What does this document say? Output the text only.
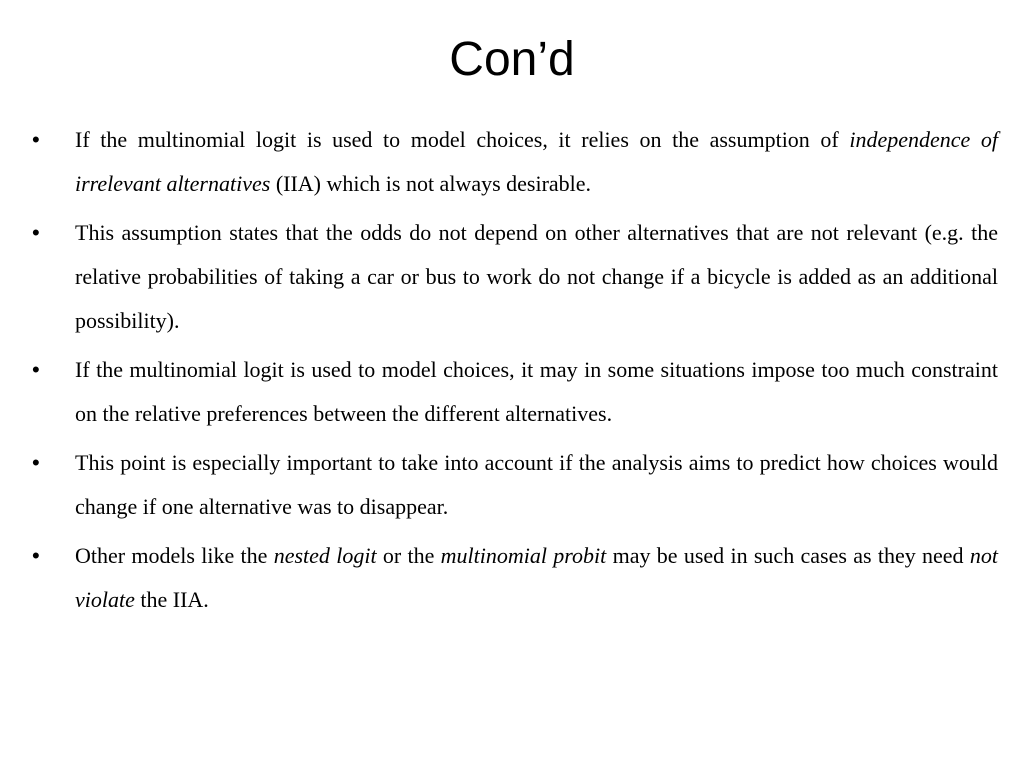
Con’d
• If the multinomial logit is used to model choices, it relies on the assumption of independence of irrelevant alternatives (IIA) which is not always desirable.
• This assumption states that the odds do not depend on other alternatives that are not relevant (e.g. the relative probabilities of taking a car or bus to work do not change if a bicycle is added as an additional possibility).
• If the multinomial logit is used to model choices, it may in some situations impose too much constraint on the relative preferences between the different alternatives.
• This point is especially important to take into account if the analysis aims to predict how choices would change if one alternative was to disappear.
• Other models like the nested logit or the multinomial probit may be used in such cases as they need not violate the IIA.
